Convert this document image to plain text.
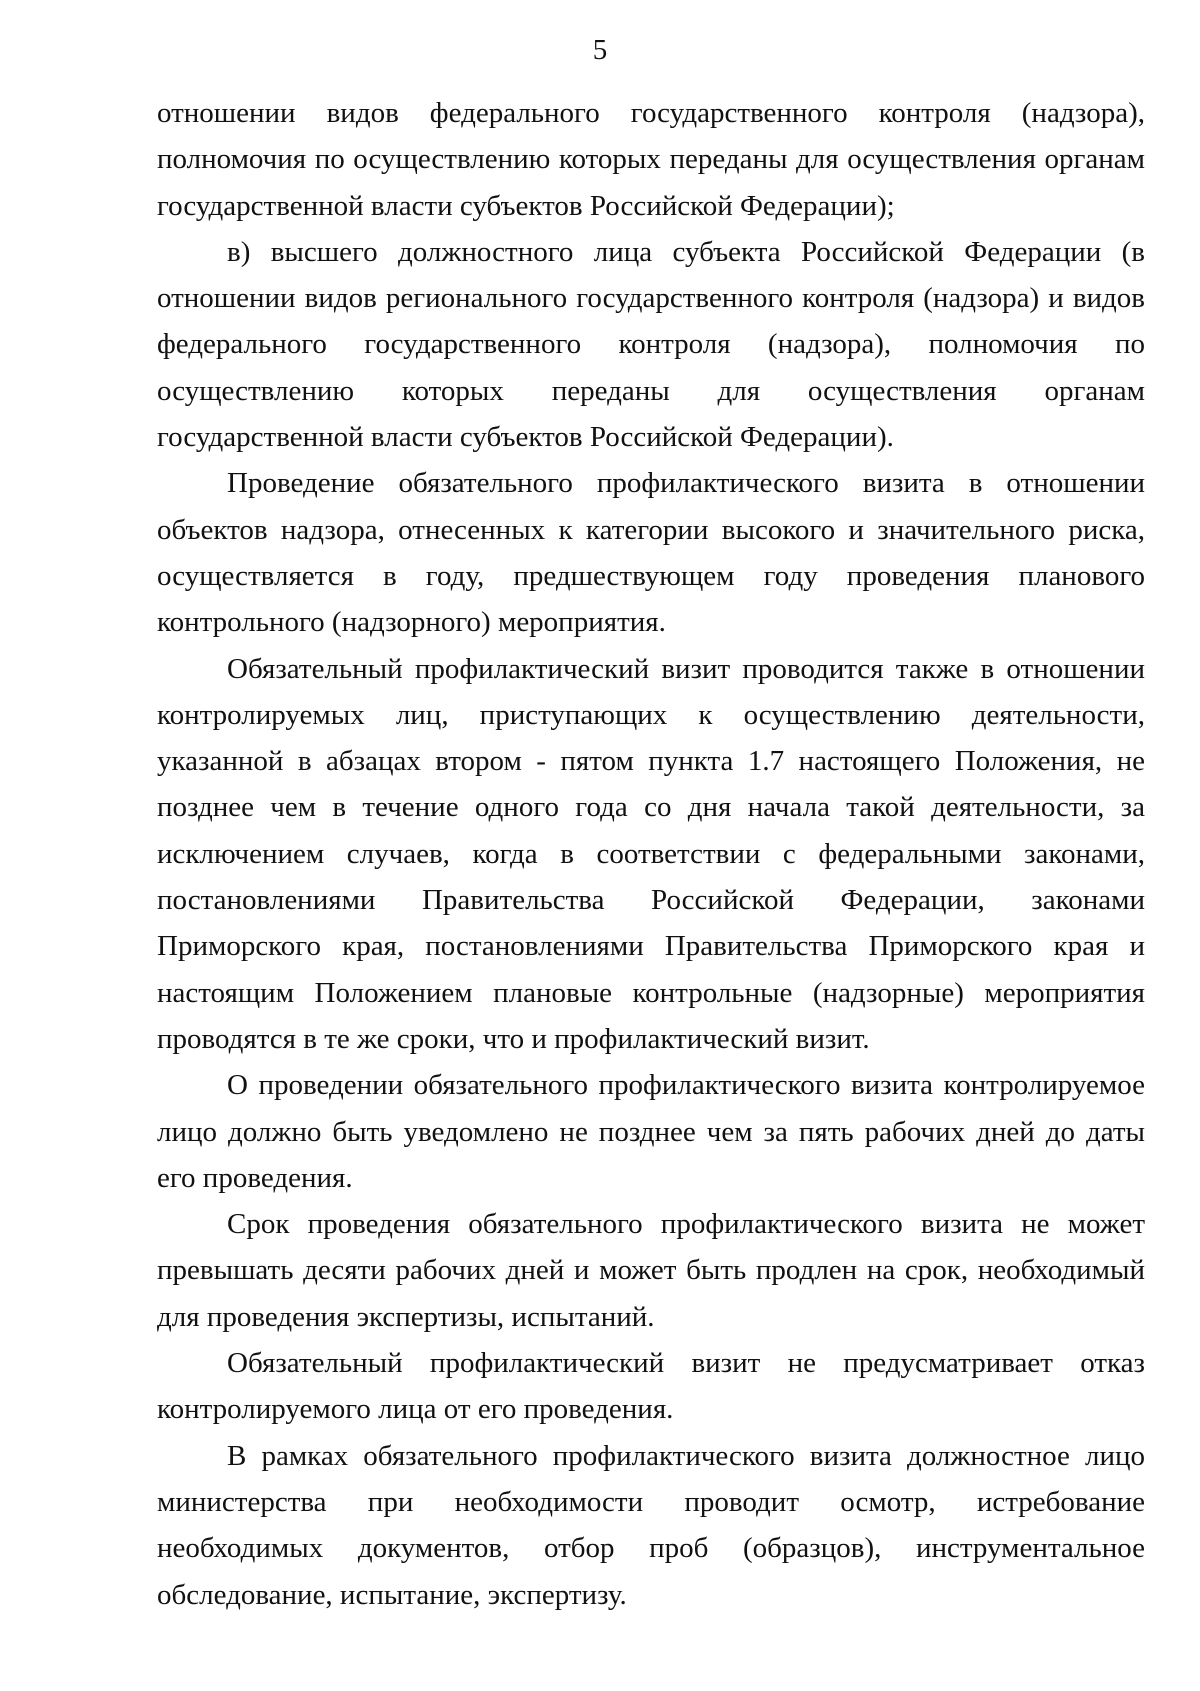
5

отношении видов федерального государственного контроля (надзора), полномочия по осуществлению которых переданы для осуществления органам государственной власти субъектов Российской Федерации);

в) высшего должностного лица субъекта Российской Федерации (в отношении видов регионального государственного контроля (надзора) и видов федерального государственного контроля (надзора), полномочия по осуществлению которых переданы для осуществления органам государственной власти субъектов Российской Федерации).

Проведение обязательного профилактического визита в отношении объектов надзора, отнесенных к категории высокого и значительного риска, осуществляется в году, предшествующем году проведения планового контрольного (надзорного) мероприятия.

Обязательный профилактический визит проводится также в отношении контролируемых лиц, приступающих к осуществлению деятельности, указанной в абзацах втором - пятом пункта 1.7 настоящего Положения, не позднее чем в течение одного года со дня начала такой деятельности, за исключением случаев, когда в соответствии с федеральными законами, постановлениями Правительства Российской Федерации, законами Приморского края, постановлениями Правительства Приморского края и настоящим Положением плановые контрольные (надзорные) мероприятия проводятся в те же сроки, что и профилактический визит.

О проведении обязательного профилактического визита контролируемое лицо должно быть уведомлено не позднее чем за пять рабочих дней до даты его проведения.

Срок проведения обязательного профилактического визита не может превышать десяти рабочих дней и может быть продлен на срок, необходимый для проведения экспертизы, испытаний.

Обязательный профилактический визит не предусматривает отказ контролируемого лица от его проведения.

В рамках обязательного профилактического визита должностное лицо министерства при необходимости проводит осмотр, истребование необходимых документов, отбор проб (образцов), инструментальное обследование, испытание, экспертизу.
